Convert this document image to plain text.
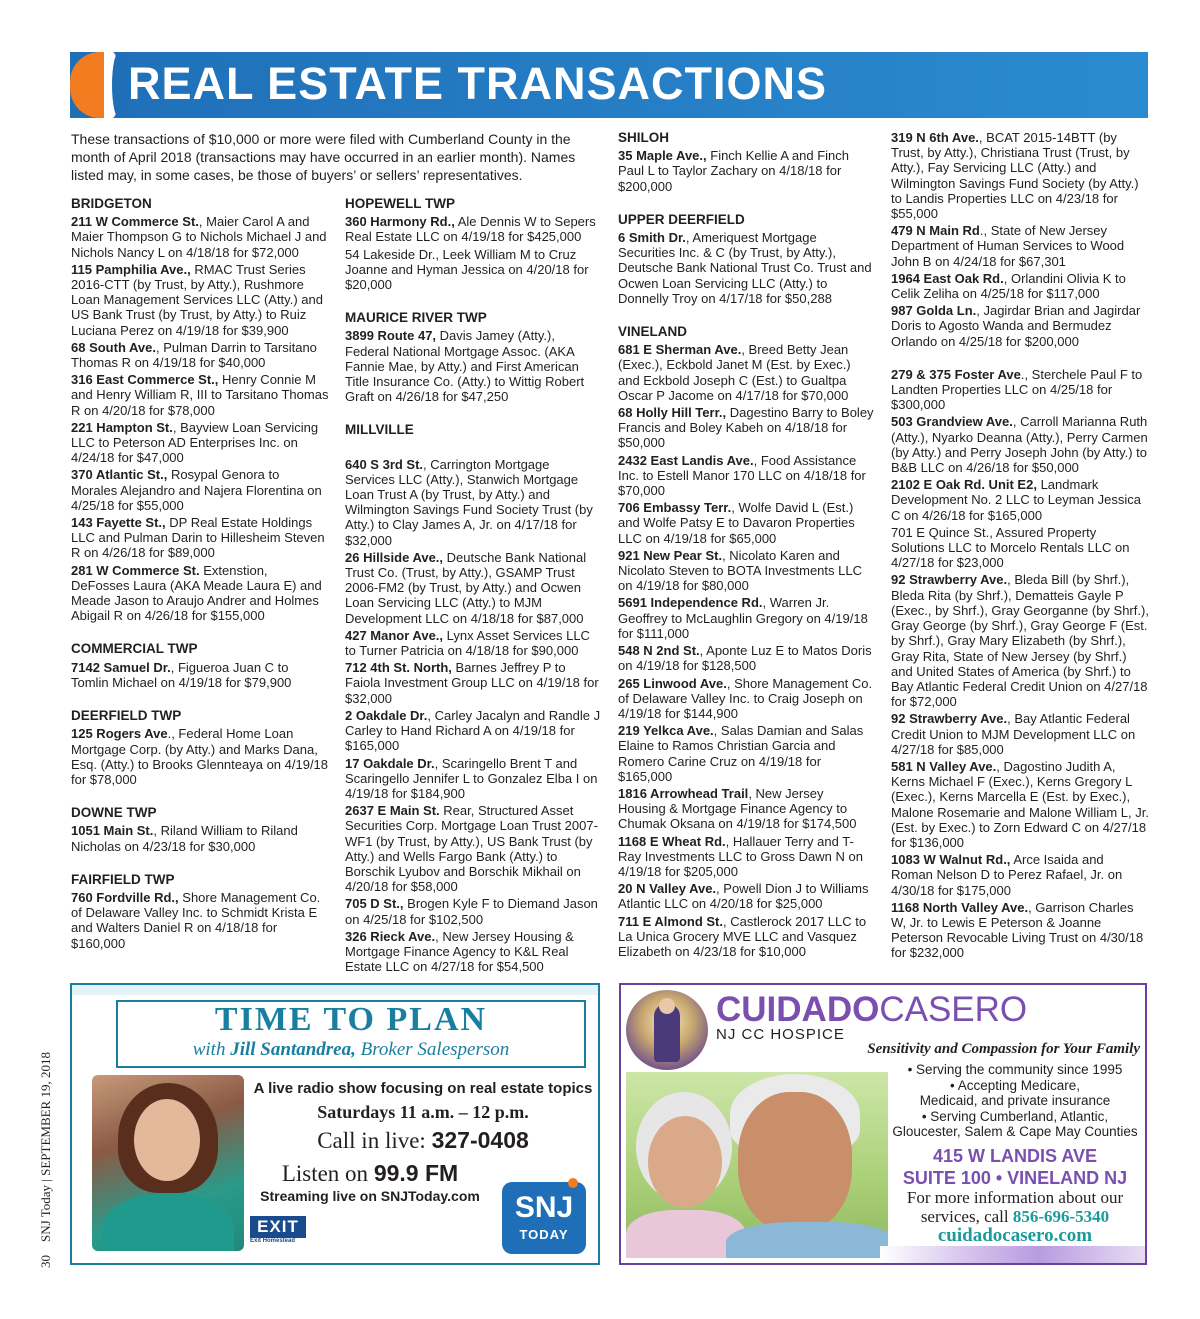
REAL ESTATE TRANSACTIONS
These transactions of $10,000 or more were filed with Cumberland County in the month of April 2018 (transactions may have occurred in an earlier month). Names listed may, in some cases, be those of buyers’ or sellers’ representatives.
BRIDGETON
211 W Commerce St., Maier Carol A and Maier Thompson G to Nichols Michael J and Nichols Nancy L on 4/18/18 for $72,000
115 Pamphilia Ave., RMAC Trust Series 2016-CTT (by Trust, by Atty.), Rushmore Loan Management Services LLC (Atty.) and US Bank Trust (by Trust, by Atty.) to Ruiz Luciana Perez on 4/19/18 for $39,900
68 South Ave., Pulman Darrin to Tarsitano Thomas R on 4/19/18 for $40,000
316 East Commerce St., Henry Connie M and Henry William R, III to Tarsitano Thomas R on 4/20/18 for $78,000
221 Hampton St., Bayview Loan Servicing LLC to Peterson AD Enterprises Inc. on 4/24/18 for $47,000
370 Atlantic St., Rosypal Genora to Morales Alejandro and Najera Florentina on 4/25/18 for $55,000
143 Fayette St., DP Real Estate Holdings LLC and Pulman Darin to Hillesheim Steven R on 4/26/18 for $89,000
281 W Commerce St. Extenstion, DeFosses Laura (AKA Meade Laura E) and Meade Jason to Araujo Andrer and Holmes Abigail R on 4/26/18 for $155,000
COMMERCIAL TWP
7142 Samuel Dr., Figueroa Juan C to Tomlin Michael on 4/19/18 for $79,900
DEERFIELD TWP
125 Rogers Ave., Federal Home Loan Mortgage Corp. (by Atty.) and Marks Dana, Esq. (Atty.) to Brooks Glennteaya on 4/19/18 for $78,000
DOWNE TWP
1051 Main St., Riland William to Riland Nicholas on 4/23/18 for $30,000
FAIRFIELD TWP
760 Fordville Rd., Shore Management Co. of Delaware Valley Inc. to Schmidt Krista E and Walters Daniel R on 4/18/18 for $160,000
HOPEWELL TWP
360 Harmony Rd., Ale Dennis W to Sepers Real Estate LLC on 4/19/18 for $425,000
54 Lakeside Dr., Leek William M to Cruz Joanne and Hyman Jessica on 4/20/18 for $20,000
MAURICE RIVER TWP
3899 Route 47, Davis Jamey (Atty.), Federal National Mortgage Assoc. (AKA Fannie Mae, by Atty.) and First American Title Insurance Co. (Atty.) to Wittig Robert Graft on 4/26/18 for $47,250
MILLVILLE
640 S 3rd St., Carrington Mortgage Services LLC (Atty.), Stanwich Mortgage Loan Trust A (by Trust, by Atty.) and Wilmington Savings Fund Society Trust (by Atty.) to Clay James A, Jr. on 4/17/18 for $32,000
26 Hillside Ave., Deutsche Bank National Trust Co. (Trust, by Atty.), GSAMP Trust 2006-FM2 (by Trust, by Atty.) and Ocwen Loan Servicing LLC (Atty.) to MJM Development LLC on 4/18/18 for $87,000
427 Manor Ave., Lynx Asset Services LLC to Turner Patricia on 4/18/18 for $90,000
712 4th St. North, Barnes Jeffrey P to Faiola Investment Group LLC on 4/19/18 for $32,000
2 Oakdale Dr., Carley Jacalyn and Randle J Carley to Hand Richard A on 4/19/18 for $165,000
17 Oakdale Dr., Scaringello Brent T and Scaringello Jennifer L to Gonzalez Elba I on 4/19/18 for $184,900
2637 E Main St. Rear, Structured Asset Securities Corp. Mortgage Loan Trust 2007-WF1 (by Trust, by Atty.), US Bank Trust (by Atty.) and Wells Fargo Bank (Atty.) to Borschik Lyubov and Borschik Mikhail on 4/20/18 for $58,000
705 D St., Brogen Kyle F to Diemand Jason on 4/25/18 for $102,500
326 Rieck Ave., New Jersey Housing & Mortgage Finance Agency to K&L Real Estate LLC on 4/27/18 for $54,500
SHILOH
35 Maple Ave., Finch Kellie A and Finch Paul L to Taylor Zachary on 4/18/18 for $200,000
UPPER DEERFIELD
6 Smith Dr., Ameriquest Mortgage Securities Inc. & C (by Trust, by Atty.), Deutsche Bank National Trust Co. Trust and Ocwen Loan Servicing LLC (Atty.) to Donnelly Troy on 4/17/18 for $50,288
VINELAND
681 E Sherman Ave., Breed Betty Jean (Exec.), Eckbold Janet M (Est. by Exec.) and Eckbold Joseph C (Est.) to Gualtpa Oscar P Jacome on 4/17/18 for $70,000
68 Holly Hill Terr., Dagestino Barry to Boley Francis and Boley Kabeh on 4/18/18 for $50,000
2432 East Landis Ave., Food Assistance Inc. to Estell Manor 170 LLC on 4/18/18 for $70,000
706 Embassy Terr., Wolfe David L (Est.) and Wolfe Patsy E to Davaron Properties LLC on 4/19/18 for $65,000
921 New Pear St., Nicolato Karen and Nicolato Steven to BOTA Investments LLC on 4/19/18 for $80,000
5691 Independence Rd., Warren Jr. Geoffrey to McLaughlin Gregory on 4/19/18 for $111,000
548 N 2nd St., Aponte Luz E to Matos Doris on 4/19/18 for $128,500
265 Linwood Ave., Shore Management Co. of Delaware Valley Inc. to Craig Joseph on 4/19/18 for $144,900
219 Yelkca Ave., Salas Damian and Salas Elaine to Ramos Christian Garcia and Romero Carine Cruz on 4/19/18 for $165,000
1816 Arrowhead Trail, New Jersey Housing & Mortgage Finance Agency to Chumak Oksana on 4/19/18 for $174,500
1168 E Wheat Rd., Hallauer Terry and T-Ray Investments LLC to Gross Dawn N on 4/19/18 for $205,000
20 N Valley Ave., Powell Dion J to Williams Atlantic LLC on 4/20/18 for $25,000
711 E Almond St., Castlerock 2017 LLC to La Unica Grocery MVE LLC and Vasquez Elizabeth on 4/23/18 for $10,000
319 N 6th Ave., BCAT 2015-14BTT (by Trust, by Atty.), Christiana Trust (Trust, by Atty.), Fay Servicing LLC (Atty.) and Wilmington Savings Fund Society (by Atty.) to Landis Properties LLC on 4/23/18 for $55,000
479 N Main Rd., State of New Jersey Department of Human Services to Wood John B on 4/24/18 for $67,301
1964 East Oak Rd., Orlandini Olivia K to Celik Zeliha on 4/25/18 for $117,000
987 Golda Ln., Jagirdar Brian and Jagirdar Doris to Agosto Wanda and Bermudez Orlando on 4/25/18 for $200,000
279 & 375 Foster Ave., Sterchele Paul F to Landten Properties LLC on 4/25/18 for $300,000
503 Grandview Ave., Carroll Marianna Ruth (Atty.), Nyarko Deanna (Atty.), Perry Carmen (by Atty.) and Perry Joseph John (by Atty.) to B&B LLC on 4/26/18 for $50,000
2102 E Oak Rd. Unit E2, Landmark Development No. 2 LLC to Leyman Jessica C on 4/26/18 for $165,000
701 E Quince St., Assured Property Solutions LLC to Morcelo Rentals LLC on 4/27/18 for $23,000
92 Strawberry Ave., Bleda Bill (by Shrf.), Bleda Rita (by Shrf.), Dematteis Gayle P (Exec., by Shrf.), Gray Georganne (by Shrf.), Gray George (by Shrf.), Gray George F (Est. by Shrf.), Gray Mary Elizabeth (by Shrf.), Gray Rita, State of New Jersey (by Shrf.) and United States of America (by Shrf.) to Bay Atlantic Federal Credit Union on 4/27/18 for $72,000
92 Strawberry Ave., Bay Atlantic Federal Credit Union to MJM Development LLC on 4/27/18 for $85,000
581 N Valley Ave., Dagostino Judith A, Kerns Michael F (Exec.), Kerns Gregory L (Exec.), Kerns Marcella E (Est. by Exec.), Malone Rosemarie and Malone William L, Jr. (Est. by Exec.) to Zorn Edward C on 4/27/18 for $136,000
1083 W Walnut Rd., Arce Isaida and Roman Nelson D to Perez Rafael, Jr. on 4/30/18 for $175,000
1168 North Valley Ave., Garrison Charles W, Jr. to Lewis E Peterson & Joanne Peterson Revocable Living Trust on 4/30/18 for $232,000
30    SNJ Today | SEPTEMBER 19, 2018
TIME TO PLAN
with Jill Santandrea, Broker Salesperson
A live radio show focusing on real estate topics
Saturdays 11 a.m. – 12 p.m.
Call in live: 327-0408
Listen on 99.9 FM
Streaming live on SNJToday.com
EXIT
Exit Homestead
SNJ
TODAY
CUIDADOCASERO
NJ CC HOSPICE
Sensitivity and Compassion for Your Family
• Serving the community since 1995
• Accepting Medicare,
Medicaid, and private insurance
• Serving Cumberland, Atlantic,
Gloucester, Salem & Cape May Counties
415 W LANDIS AVE
SUITE 100 • VINELAND NJ
For more information about our
services, call 856-696-5340
cuidadocasero.com
